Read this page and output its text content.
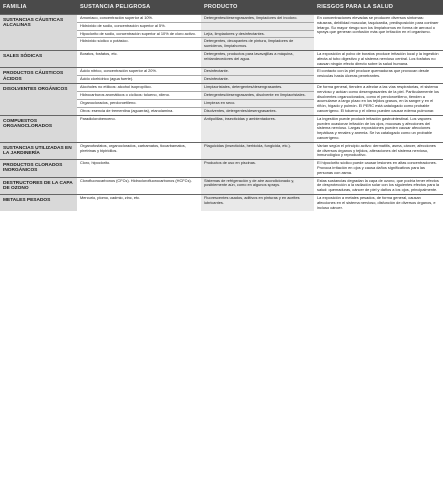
FAMILIA	SUSTANCIA PELIGROSA	PRODUCTO	RIESGOS PARA LA SALUD
SUSTANCIAS CÁUSTICAS ALCALINAS	Amoníaco, concentración superior al 10%.	Detergentes/desengrasantes, limpiadores del inodoro.	En concentraciones elevadas se producen diversos síntomas: náuseas, debilidad muscular, taquicardia, predisposición para contraer letargo. Su mayor riesgo son los limpiahornos en forma de aerosol o sprays que generan confusión más que irritación en el organismo.
	Hidróxido de sodio, concentración superior al 5%.		
	Hipoclorito de sodio, concentración superior al 10% de cloro activo.	Lejía, limpiadores y desinfectantes.	
	Hidróxido sódico o potásico.	Detergentes, decapantes de pintura, limpiadores de sumideros, limpiahornos.	
SALES SÓDICAS	Boratos, fosfatos, etc.	Detergentes, productos para lavavajillas a máquina, reblandecedores del agua.	La exposición al polvo de boratos produce irritación local y la ingestión afecta al tubo digestivo y al sistema nervioso central. Los fosfatos no causan ningún efecto directo sobre la salud humana.
PRODUCTOS CÁUSTICOS ÁCIDOS	Ácido nítrico, concentración superior al 20%.	Desinfectante.	El contacto con la piel produce quemaduras que provocan desde vesículas hasta úlceras penetrantes.
	Ácido clorhídrico (agua fuerte).	Desinfectante.	
DISOLVENTES ORGÁNICOS	Alcoholes no etílicos: alcohol isopropílico.	Limpiacristales, detergentes/desengrasantes.	De forma general, tienden a afectar a las vías respiratorias, el sistema nervioso y actúan como desengrasantes de la piel. Particularmente los disolventes organoclorados, como el percloroetileno, tienden a acumularse a largo plazo en los tejidos grasos, en la sangre y en el riñón, hígado y pulmón. El PERC está catalogado como probable cancerígeno. El tolueno y el xileno pueden causar edema pulmonar.
	Hidrocarburos aromáticos o cíclicos: tolueno, xileno.	Detergentes/desengrasantes, disolvente en limpiacristales.	
	Organoclorados, percloroetileno.	Limpieza en seco.	
	Otros: esencia de trementina (aguarrás), etanolamina.	Disolventes, detergentes/desengrasantes.	
COMPUESTOS ORGANOCLORADOS	Paradiclorobenceno.	Antipolillas, insecticidas y ambientadores.	La ingestión puede producir irritación gastrointestinal. Los vapores pueden ocasionar irritación de los ojos, mucosas y afecciones del sistema nervioso. Largas exposiciones pueden causar afecciones hepáticas y renales y anemia. Se ha catalogado como un probable cancerígeno.
SUSTANCIAS UTILIZADAS EN LA JARDINERÍA	Organofosfatos, organoclorados, carbamatos, tiocarbamatos, piretrinas y bipiridilos.	Plaguicidas (insecticida, herbicida, fungicida, etc.).	Varían según el principio activo: dermatitis, asma, cáncer, afecciones de diversos órganos y tejidos, alteraciones del sistema nervioso, inmunológico y reproductivo.
PRODUCTOS CLORADOS INORGÁNICOS	Cloro, hipoclorito.	Productos de uso en piscinas.	El hipoclorito sódico puede causar lesiones en altas concentraciones. Provoca irritación en ojos y causa daños significativos para las personas con asma.
DESTRUCTORES DE LA CAPA DE OZONO	Clorofluorocarbonos (CFCs). Hidroclorofluorocarbonos (HCFCs).	Sistemas de refrigeración y de aire acondicionado y, posiblemente aún, como en algunos sprays.	Estas sustancias degradan la capa de ozono, que podría tener efectos de desprotección a la radiación solar con los siguientes efectos para la salud: quemaduras, cáncer de piel y daños a los ojos, principalmente.
METALES PESADOS	Mercurio, plomo, cadmio, zinc, etc.	Fluorescentes usados, aditivos en pinturas y en aceites lubricantes.	La exposición a metales pesados, de forma general, causan afecciones en el sistema nervioso, disfunción de diversos órganos, e incluso cáncer.
